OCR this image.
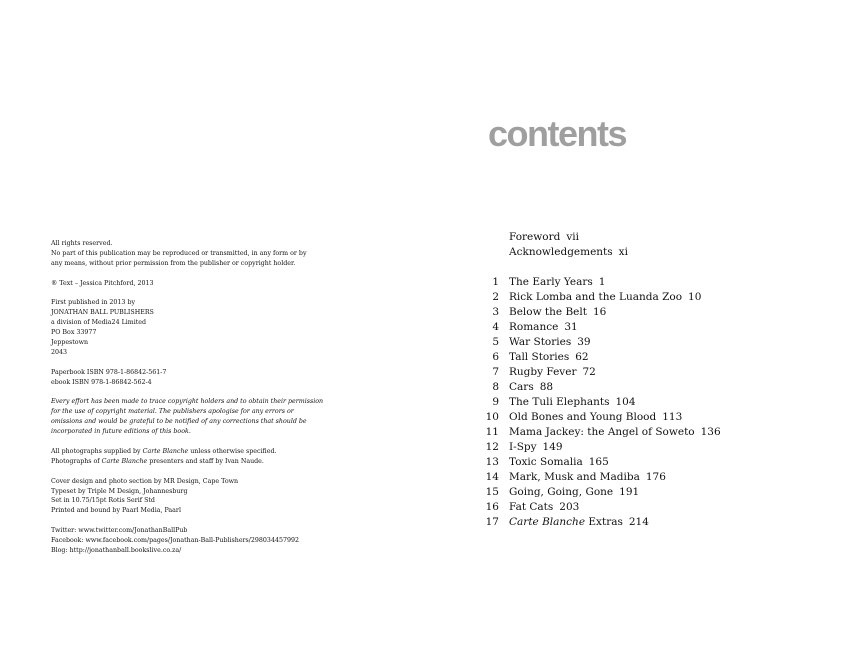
All rights reserved.
No part of this publication may be reproduced or transmitted, in any form or by
any means, without prior permission from the publisher or copyright holder.
® Text – Jessica Pitchford, 2013
First published in 2013 by
JONATHAN BALL PUBLISHERS
a division of Media24 Limited
PO Box 33977
Jeppestown
2043
Paperbook ISBN 978-1-86842-561-7
ebook ISBN 978-1-86842-562-4
Every effort has been made to trace copyright holders and to obtain their permission
for the use of copyright material. The publishers apologise for any errors or
omissions and would be grateful to be notified of any corrections that should be
incorporated in future editions of this book.
All photographs supplied by Carte Blanche unless otherwise specified.
Photographs of Carte Blanche presenters and staff by Ivan Naude.
Cover design and photo section by MR Design, Cape Town
Typeset by Triple M Design, Johannesburg
Set in 10.75/15pt Rotis Serif Std
Printed and bound by Paarl Media, Paarl
Twitter: www.twitter.com/JonathanBallPub
Facebook: www.facebook.com/pages/Jonathan-Ball-Publishers/298034457992
Blog: http://jonathanball.bookslive.co.za/
contents
Foreword vii
Acknowledgements xi
1 The Early Years 1
2 Rick Lomba and the Luanda Zoo 10
3 Below the Belt 16
4 Romance 31
5 War Stories 39
6 Tall Stories 62
7 Rugby Fever 72
8 Cars 88
9 The Tuli Elephants 104
10 Old Bones and Young Blood 113
11 Mama Jackey: the Angel of Soweto 136
12 I-Spy 149
13 Toxic Somalia 165
14 Mark, Musk and Madiba 176
15 Going, Going, Gone 191
16 Fat Cats 203
17 Carte Blanche Extras 214
